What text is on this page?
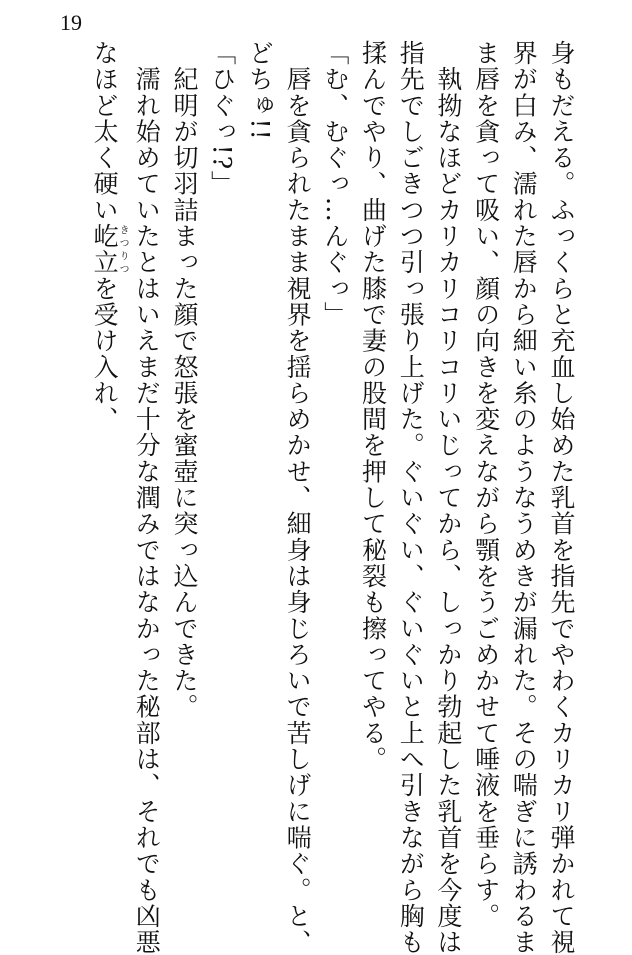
19
身もだえる。ふっくらと充血し始めた乳首を指先でやわくカリカリ弾かれて視
界が白み、濡れた唇から細い糸のようなうめきが漏れた。その喘ぎに誘わるま
ま唇を貪って吸い、顔の向きを変えながら顎をうごめかせて唾液を垂らす。
　執拗なほどカリカリコリコリいじってから、しっかり勃起した乳首を今度は
指先でしごきつつ引っ張り上げた。ぐいぐい、ぐいぐいと上へ引きながら胸も
揉んでやり、曲げた膝で妻の股間を押して秘裂も擦ってやる。
「む、むぐっ…んぐっ」
　唇を貪られたまま視界を揺らめかせ、細身は身じろいで苦しげに喘ぐ。と、
どちゅ!!
「ひぐっ!?」
　紀明が切羽詰まった顔で怒張を蜜壺に突っ込んできた。
　濡れ始めていたとはいえまだ十分な潤みではなかった秘部は、それでも凶悪
なほど太く硬い屹立きつりつを受け入れ、
